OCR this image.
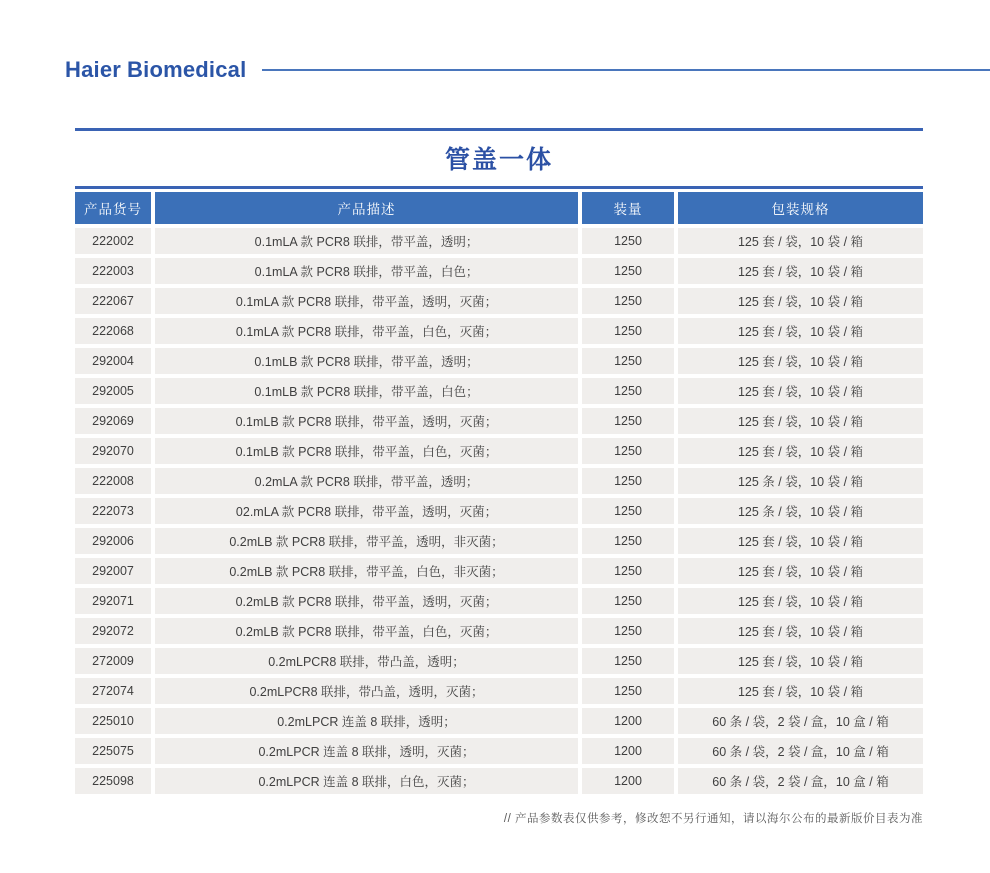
Haier Biomedical
管盖一体
产品货号	产品描述	装量	包装规格
222002	0.1mLA 款 PCR8 联排，带平盖，透明；	1250	125 套 / 袋，10 袋 / 箱
222003	0.1mLA 款 PCR8 联排，带平盖，白色；	1250	125 套 / 袋，10 袋 / 箱
222067	0.1mLA 款 PCR8 联排，带平盖，透明，灭菌；	1250	125 套 / 袋，10 袋 / 箱
222068	0.1mLA 款 PCR8 联排，带平盖，白色，灭菌；	1250	125 套 / 袋，10 袋 / 箱
292004	0.1mLB 款 PCR8 联排，带平盖，透明；	1250	125 套 / 袋，10 袋 / 箱
292005	0.1mLB 款 PCR8 联排，带平盖，白色；	1250	125 套 / 袋，10 袋 / 箱
292069	0.1mLB 款 PCR8 联排，带平盖，透明，灭菌；	1250	125 套 / 袋，10 袋 / 箱
292070	0.1mLB 款 PCR8 联排，带平盖，白色，灭菌；	1250	125 套 / 袋，10 袋 / 箱
222008	0.2mLA 款 PCR8 联排，带平盖，透明；	1250	125 条 / 袋，10 袋 / 箱
222073	02.mLA 款 PCR8 联排，带平盖，透明，灭菌；	1250	125 条 / 袋，10 袋 / 箱
292006	0.2mLB 款 PCR8 联排，带平盖，透明，非灭菌；	1250	125 套 / 袋，10 袋 / 箱
292007	0.2mLB 款 PCR8 联排，带平盖，白色，非灭菌；	1250	125 套 / 袋，10 袋 / 箱
292071	0.2mLB 款 PCR8 联排，带平盖，透明，灭菌；	1250	125 套 / 袋，10 袋 / 箱
292072	0.2mLB 款 PCR8 联排，带平盖，白色，灭菌；	1250	125 套 / 袋，10 袋 / 箱
272009	0.2mLPCR8 联排，带凸盖，透明；	1250	125 套 / 袋，10 袋 / 箱
272074	0.2mLPCR8 联排，带凸盖，透明，灭菌；	1250	125 套 / 袋，10 袋 / 箱
225010	0.2mLPCR 连盖 8 联排，透明；	1200	60 条 / 袋，2 袋 / 盒，10 盒 / 箱
225075	0.2mLPCR 连盖 8 联排，透明，灭菌；	1200	60 条 / 袋，2 袋 / 盒，10 盒 / 箱
225098	0.2mLPCR 连盖 8 联排，白色，灭菌；	1200	60 条 / 袋，2 袋 / 盒，10 盒 / 箱
// 产品参数表仅供参考，修改恕不另行通知，请以海尔公布的最新版价目表为准
